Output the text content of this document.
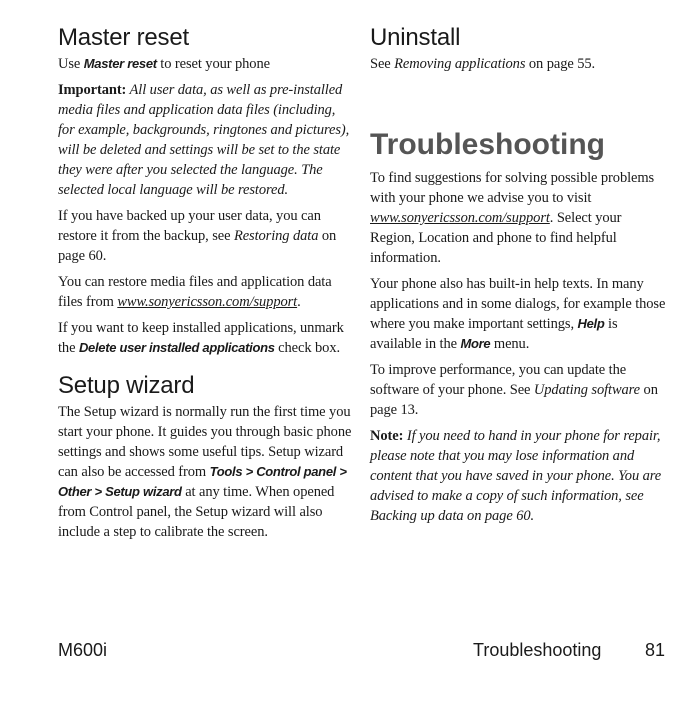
Master reset

Use Master reset to reset your phone

Important: All user data, as well as pre-installed media files and application data files (including, for example, backgrounds, ringtones and pictures), will be deleted and settings will be set to the state they were after you selected the language. The selected local language will be restored.

If you have backed up your user data, you can restore it from the backup, see Restoring data on page 60.

You can restore media files and application data files from www.sonyericsson.com/support.

If you want to keep installed applications, unmark the Delete user installed applications check box.

Setup wizard

The Setup wizard is normally run the first time you start your phone. It guides you through basic phone settings and shows some useful tips. Setup wizard can also be accessed from Tools > Control panel > Other > Setup wizard at any time. When opened from Control panel, the Setup wizard will also include a step to calibrate the screen.

Uninstall

See Removing applications on page 55.

Troubleshooting

To find suggestions for solving possible problems with your phone we advise you to visit www.sonyericsson.com/support. Select your Region, Location and phone to find helpful information.

Your phone also has built-in help texts. In many applications and in some dialogs, for example those where you make important settings, Help is available in the More menu.

To improve performance, you can update the software of your phone. See Updating software on page 13.

Note: If you need to hand in your phone for repair, please note that you may lose information and content that you have saved in your phone. You are advised to make a copy of such information, see Backing up data on page 60.

M600i	Troubleshooting 81
